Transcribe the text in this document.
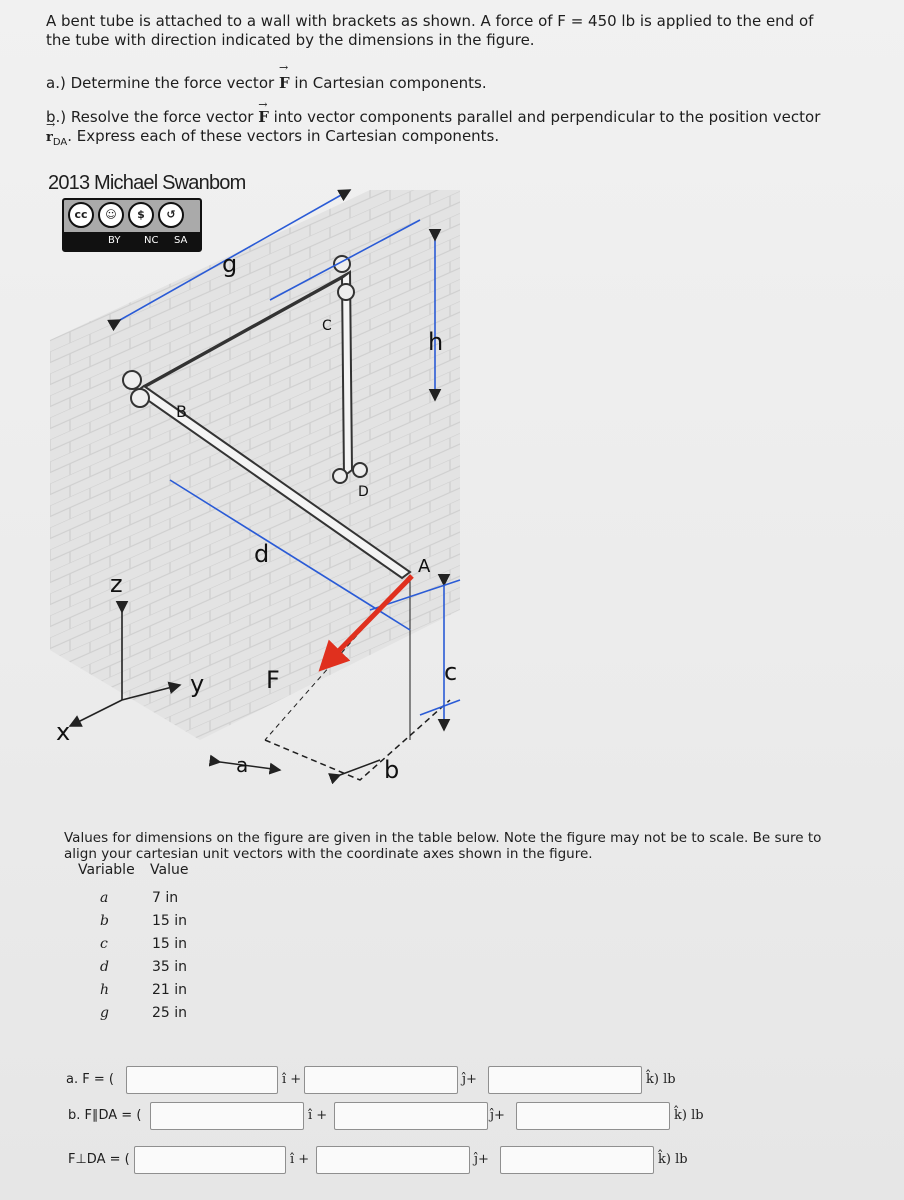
A bent tube is attached to a wall with brackets as shown. A force of F = 450 lb is applied to the end of

the tube with direction indicated by the dimensions in the figure.

a.) Determine the force vector → F in Cartesian components.
b.) Resolve the force vector → F into vector components parallel and perpendicular to the position vector
→ $r_{DA}$. Express each of these vectors in Cartesian components.
2013 Michael Swanbom
cc	☺	$	↺
BY NC SA
g
h
B
C
D
d	A
z
y
x
F	c
a	b
Values for dimensions on the figure are given in the table below. Note the figure may not be to scale. Be sure to align your cartesian unit vectors with the coordinate axes shown in the figure.
Variable Value
a	7 in
b	15 in
c	15 in
d	35 in
h	21 in
g	25 in
a. F = (	î +	ĵ+	k̂) lb
b. F∥DA = (	î +	ĵ+	k̂) lb
F⊥DA = (	î +	ĵ+	k̂) lb
